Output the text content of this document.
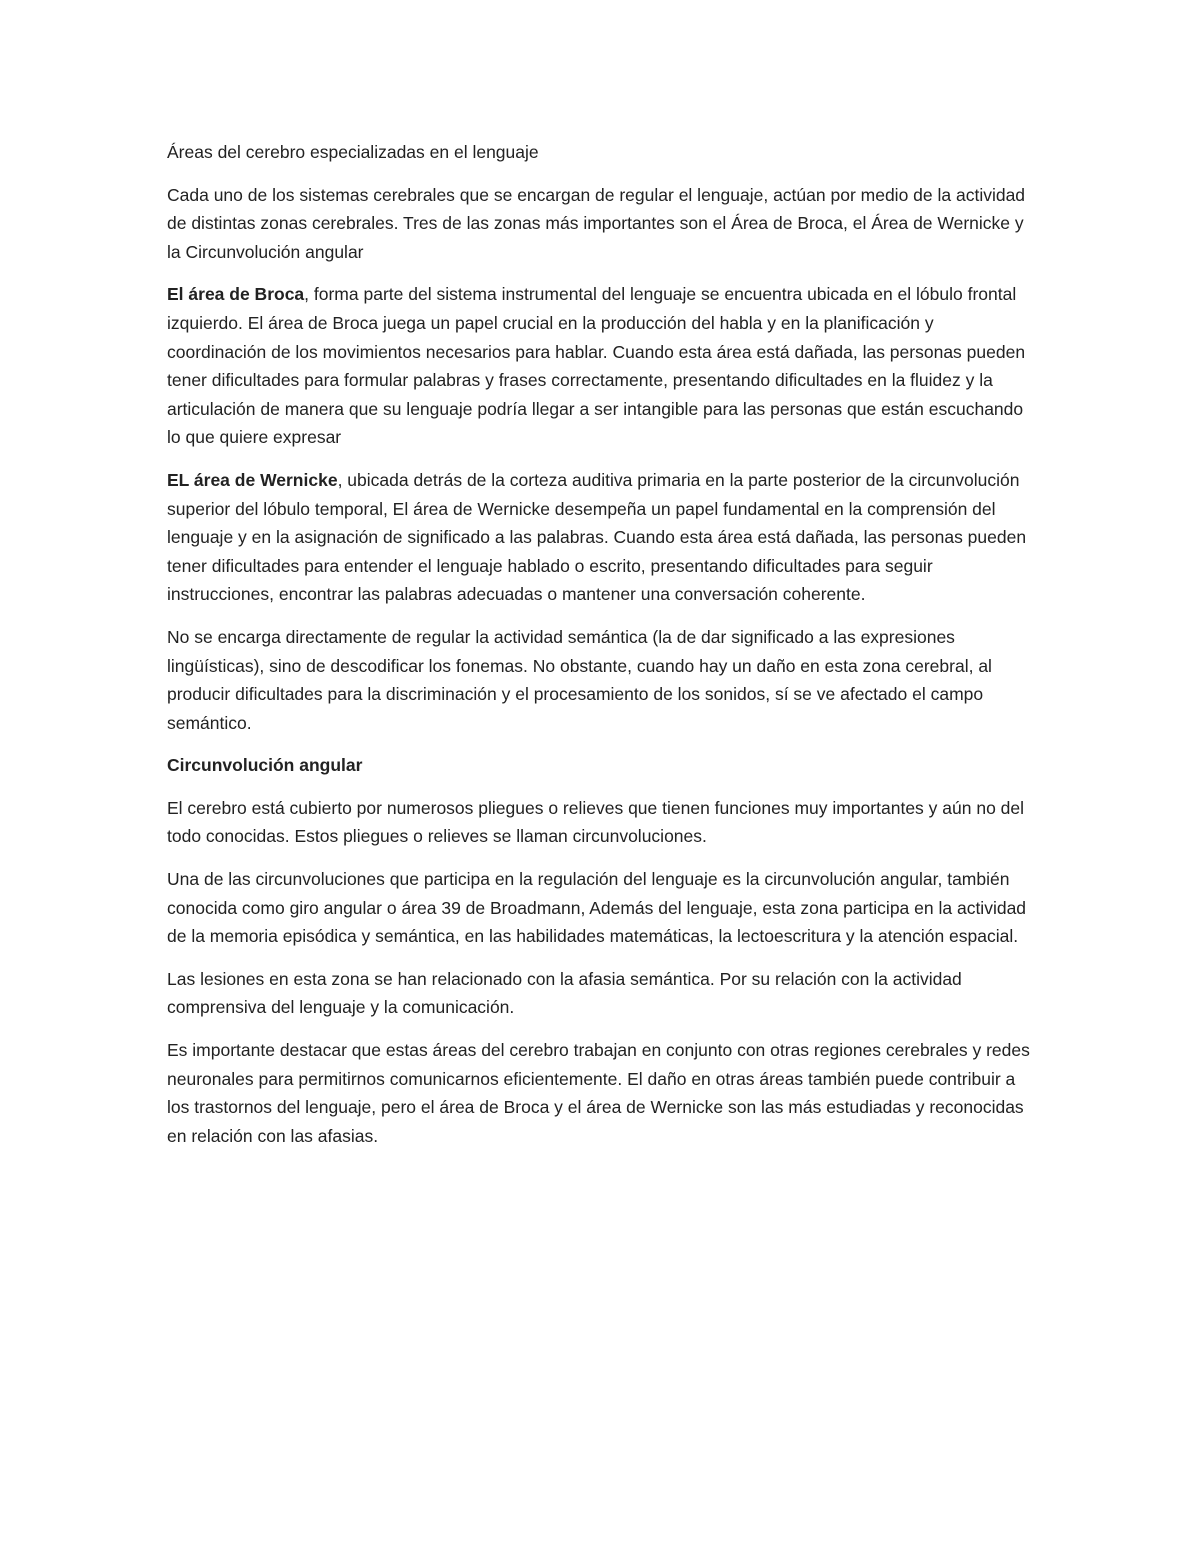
Áreas del cerebro especializadas en el lenguaje

Cada uno de los sistemas cerebrales que se encargan de regular el lenguaje, actúan por medio de la actividad de distintas zonas cerebrales. Tres de las zonas más importantes son el Área de Broca, el Área de Wernicke y la Circunvolución angular

El área de Broca, forma parte del sistema instrumental del lenguaje se encuentra ubicada en el lóbulo frontal izquierdo. El área de Broca juega un papel crucial en la producción del habla y en la planificación y coordinación de los movimientos necesarios para hablar. Cuando esta área está dañada, las personas pueden tener dificultades para formular palabras y frases correctamente, presentando dificultades en la fluidez y la articulación de manera que su lenguaje podría llegar a ser intangible para las personas que están escuchando lo que quiere expresar

EL área de Wernicke, ubicada detrás de la corteza auditiva primaria en la parte posterior de la circunvolución superior del lóbulo temporal, El área de Wernicke desempeña un papel fundamental en la comprensión del lenguaje y en la asignación de significado a las palabras. Cuando esta área está dañada, las personas pueden tener dificultades para entender el lenguaje hablado o escrito, presentando dificultades para seguir instrucciones, encontrar las palabras adecuadas o mantener una conversación coherente.

No se encarga directamente de regular la actividad semántica (la de dar significado a las expresiones lingüísticas), sino de descodificar los fonemas. No obstante, cuando hay un daño en esta zona cerebral, al producir dificultades para la discriminación y el procesamiento de los sonidos, sí se ve afectado el campo semántico.

Circunvolución angular

El cerebro está cubierto por numerosos pliegues o relieves que tienen funciones muy importantes y aún no del todo conocidas. Estos pliegues o relieves se llaman circunvoluciones.

Una de las circunvoluciones que participa en la regulación del lenguaje es la circunvolución angular, también conocida como giro angular o área 39 de Broadmann, Además del lenguaje, esta zona participa en la actividad de la memoria episódica y semántica, en las habilidades matemáticas, la lectoescritura y la atención espacial.

Las lesiones en esta zona se han relacionado con la afasia semántica. Por su relación con la actividad comprensiva del lenguaje y la comunicación.

Es importante destacar que estas áreas del cerebro trabajan en conjunto con otras regiones cerebrales y redes neuronales para permitirnos comunicarnos eficientemente. El daño en otras áreas también puede contribuir a los trastornos del lenguaje, pero el área de Broca y el área de Wernicke son las más estudiadas y reconocidas en relación con las afasias.
